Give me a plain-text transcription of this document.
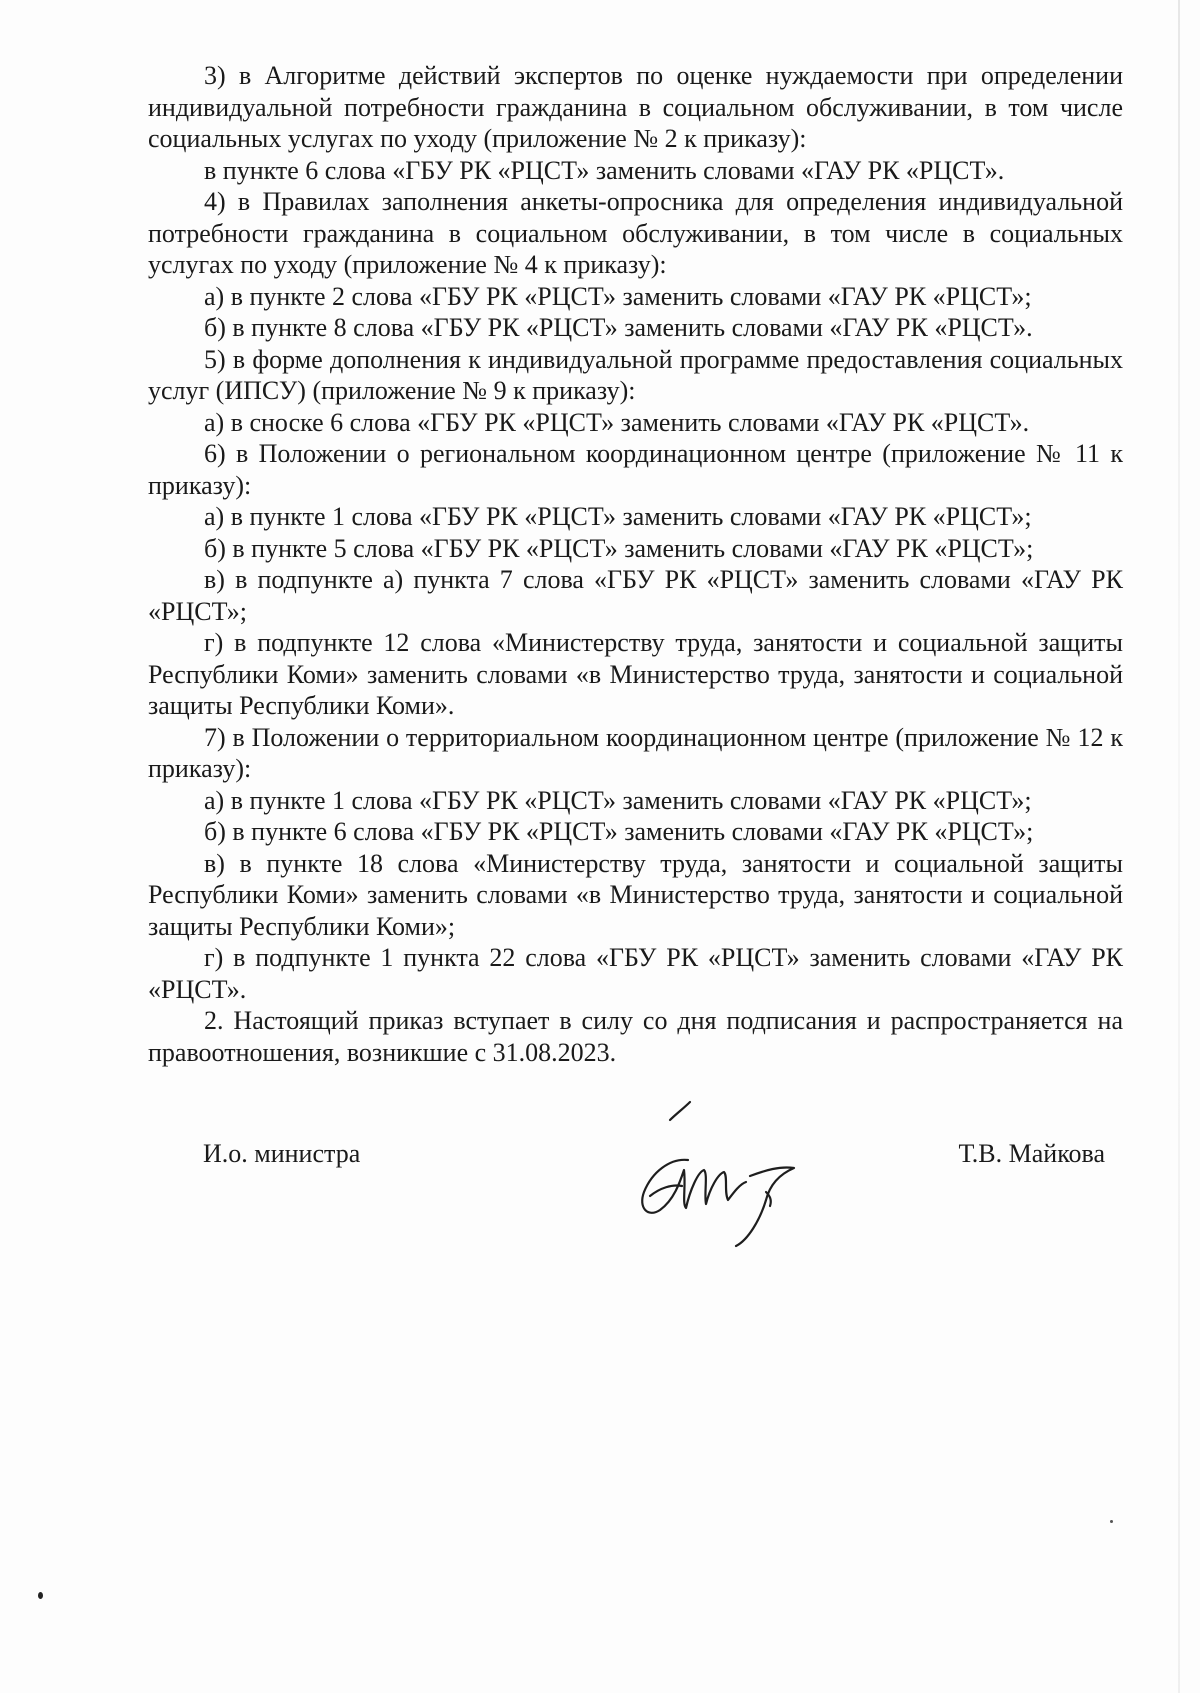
3) в Алгоритме действий экспертов по оценке нуждаемости при определении индивидуальной потребности гражданина в социальном обслуживании, в том числе социальных услугах по уходу (приложение № 2 к приказу):

в пункте 6 слова «ГБУ РК «РЦСТ» заменить словами «ГАУ РК «РЦСТ».

4) в Правилах заполнения анкеты-опросника для определения индивидуальной потребности гражданина в социальном обслуживании, в том числе в социальных услугах по уходу (приложение № 4 к приказу):

а) в пункте 2 слова «ГБУ РК «РЦСТ» заменить словами «ГАУ РК «РЦСТ»;

б) в пункте 8 слова «ГБУ РК «РЦСТ» заменить словами «ГАУ РК «РЦСТ».

5) в форме дополнения к индивидуальной программе предоставления социальных услуг (ИПСУ) (приложение № 9 к приказу):

а) в сноске 6 слова «ГБУ РК «РЦСТ» заменить словами «ГАУ РК «РЦСТ».

6) в Положении о региональном координационном центре (приложение № 11 к приказу):

а) в пункте 1 слова «ГБУ РК «РЦСТ» заменить словами «ГАУ РК «РЦСТ»;

б) в пункте 5 слова «ГБУ РК «РЦСТ» заменить словами «ГАУ РК «РЦСТ»;

в) в подпункте а) пункта 7 слова «ГБУ РК «РЦСТ» заменить словами «ГАУ РК «РЦСТ»;

г) в подпункте 12 слова «Министерству труда, занятости и социальной защиты Республики Коми» заменить словами «в Министерство труда, занятости и социальной защиты Республики Коми».

7) в Положении о территориальном координационном центре (приложение № 12 к приказу):

а) в пункте 1 слова «ГБУ РК «РЦСТ» заменить словами «ГАУ РК «РЦСТ»;

б) в пункте 6 слова «ГБУ РК «РЦСТ» заменить словами «ГАУ РК «РЦСТ»;

в) в пункте 18 слова «Министерству труда, занятости и социальной защиты Республики Коми» заменить словами «в Министерство труда, занятости и социальной защиты Республики Коми»;

г) в подпункте 1 пункта 22 слова «ГБУ РК «РЦСТ» заменить словами «ГАУ РК «РЦСТ».

2. Настоящий приказ вступает в силу со дня подписания и распространяется на правоотношения, возникшие с 31.08.2023.

И.о. министра	Т.В. Майкова
